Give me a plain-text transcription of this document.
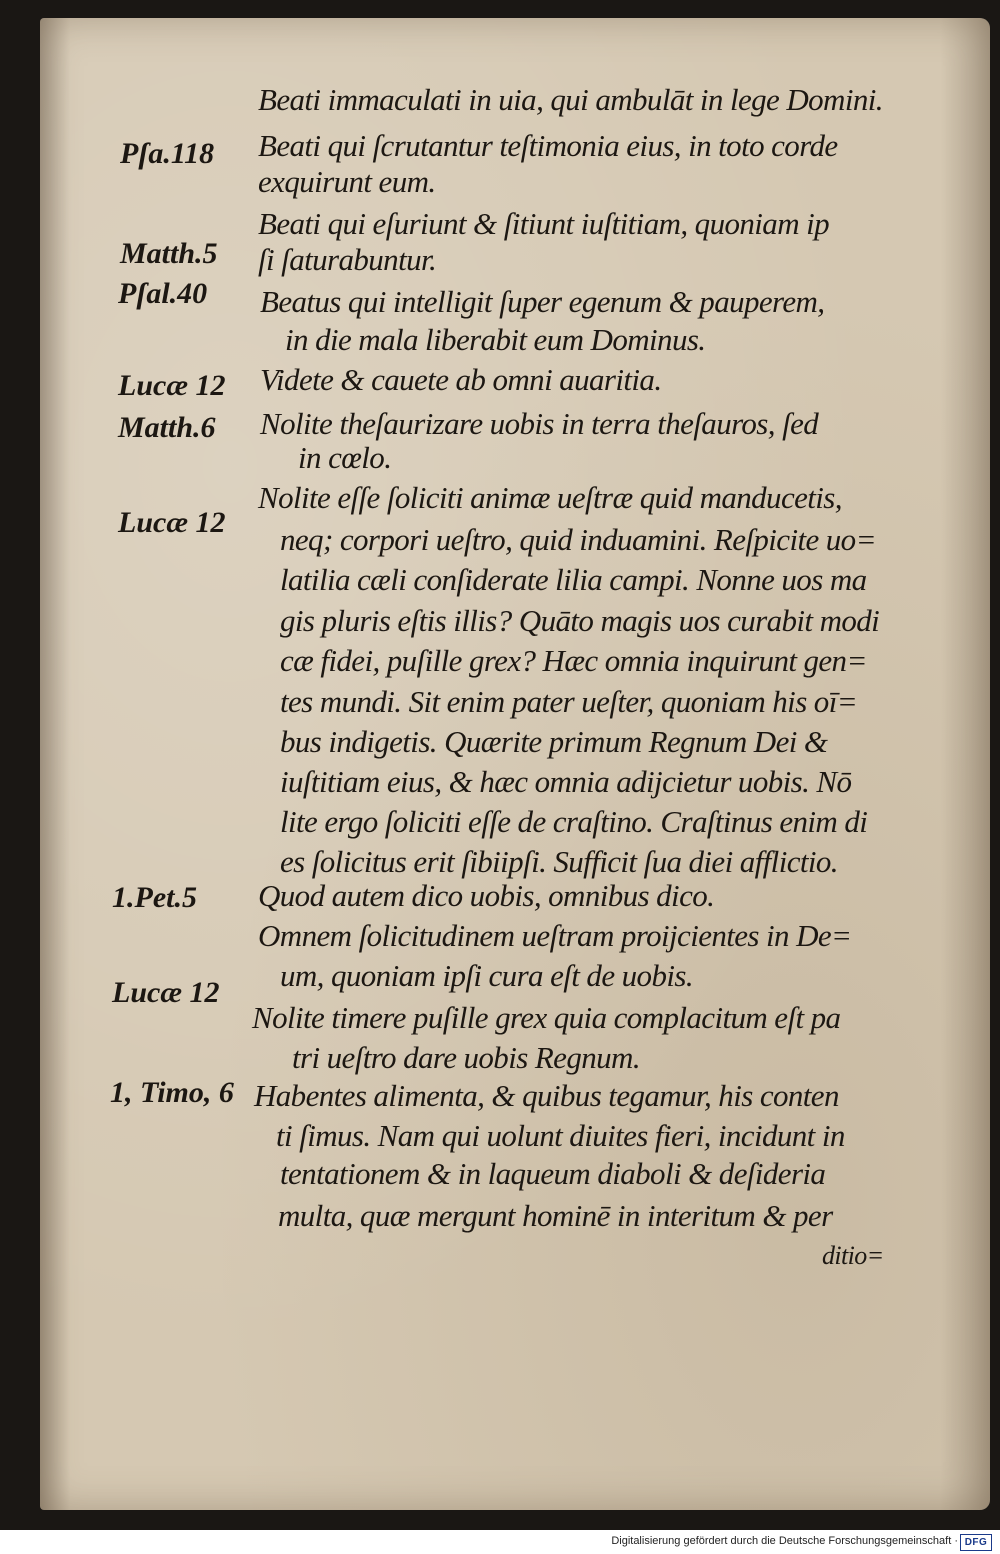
Pſa.118
Matth.5
Pſal.40
Lucæ 12
Matth.6
Lucæ 12
1.Pet.5
Lucæ 12
1, Timo, 6
Beati immaculati in uia, qui ambulāt in lege Domini.
Beati qui ſcrutantur teſtimonia eius, in toto corde
exquirunt eum.
Beati qui eſuriunt & ſitiunt iuſtitiam, quoniam ip
ſi ſaturabuntur.
Beatus qui intelligit ſuper egenum & pauperem,
in die mala liberabit eum Dominus.
Videte & cauete ab omni auaritia.
Nolite theſaurizare uobis in terra theſauros, ſed
in cœlo.
Nolite eſſe ſoliciti animæ ueſtræ quid manducetis,
neq; corpori ueſtro, quid induamini. Reſpicite uo=
latilia cæli conſiderate lilia campi. Nonne uos ma
gis pluris eſtis illis? Quāto magis uos curabit modi
cæ fidei, puſille grex? Hæc omnia inquirunt gen=
tes mundi. Sit enim pater ueſter, quoniam his oī=
bus indigetis. Quærite primum Regnum Dei &
iuſtitiam eius, & hæc omnia adijcietur uobis. Nō
lite ergo ſoliciti eſſe de craſtino. Craſtinus enim di
es ſolicitus erit ſibiipſi. Sufficit ſua diei afflictio.
Quod autem dico uobis, omnibus dico.
Omnem ſolicitudinem ueſtram proijcientes in De=
um, quoniam ipſi cura eſt de uobis.
Nolite timere puſille grex quia complacitum eſt pa
tri ueſtro dare uobis Regnum.
Habentes alimenta, & quibus tegamur, his conten
ti ſimus. Nam qui uolunt diuites fieri, incidunt in
tentationem & in laqueum diaboli & deſideria
multa, quæ mergunt hominē in interitum & per
ditio=
Digitalisierung gefördert durch die Deutsche Forschungsgemeinschaft · DFG
